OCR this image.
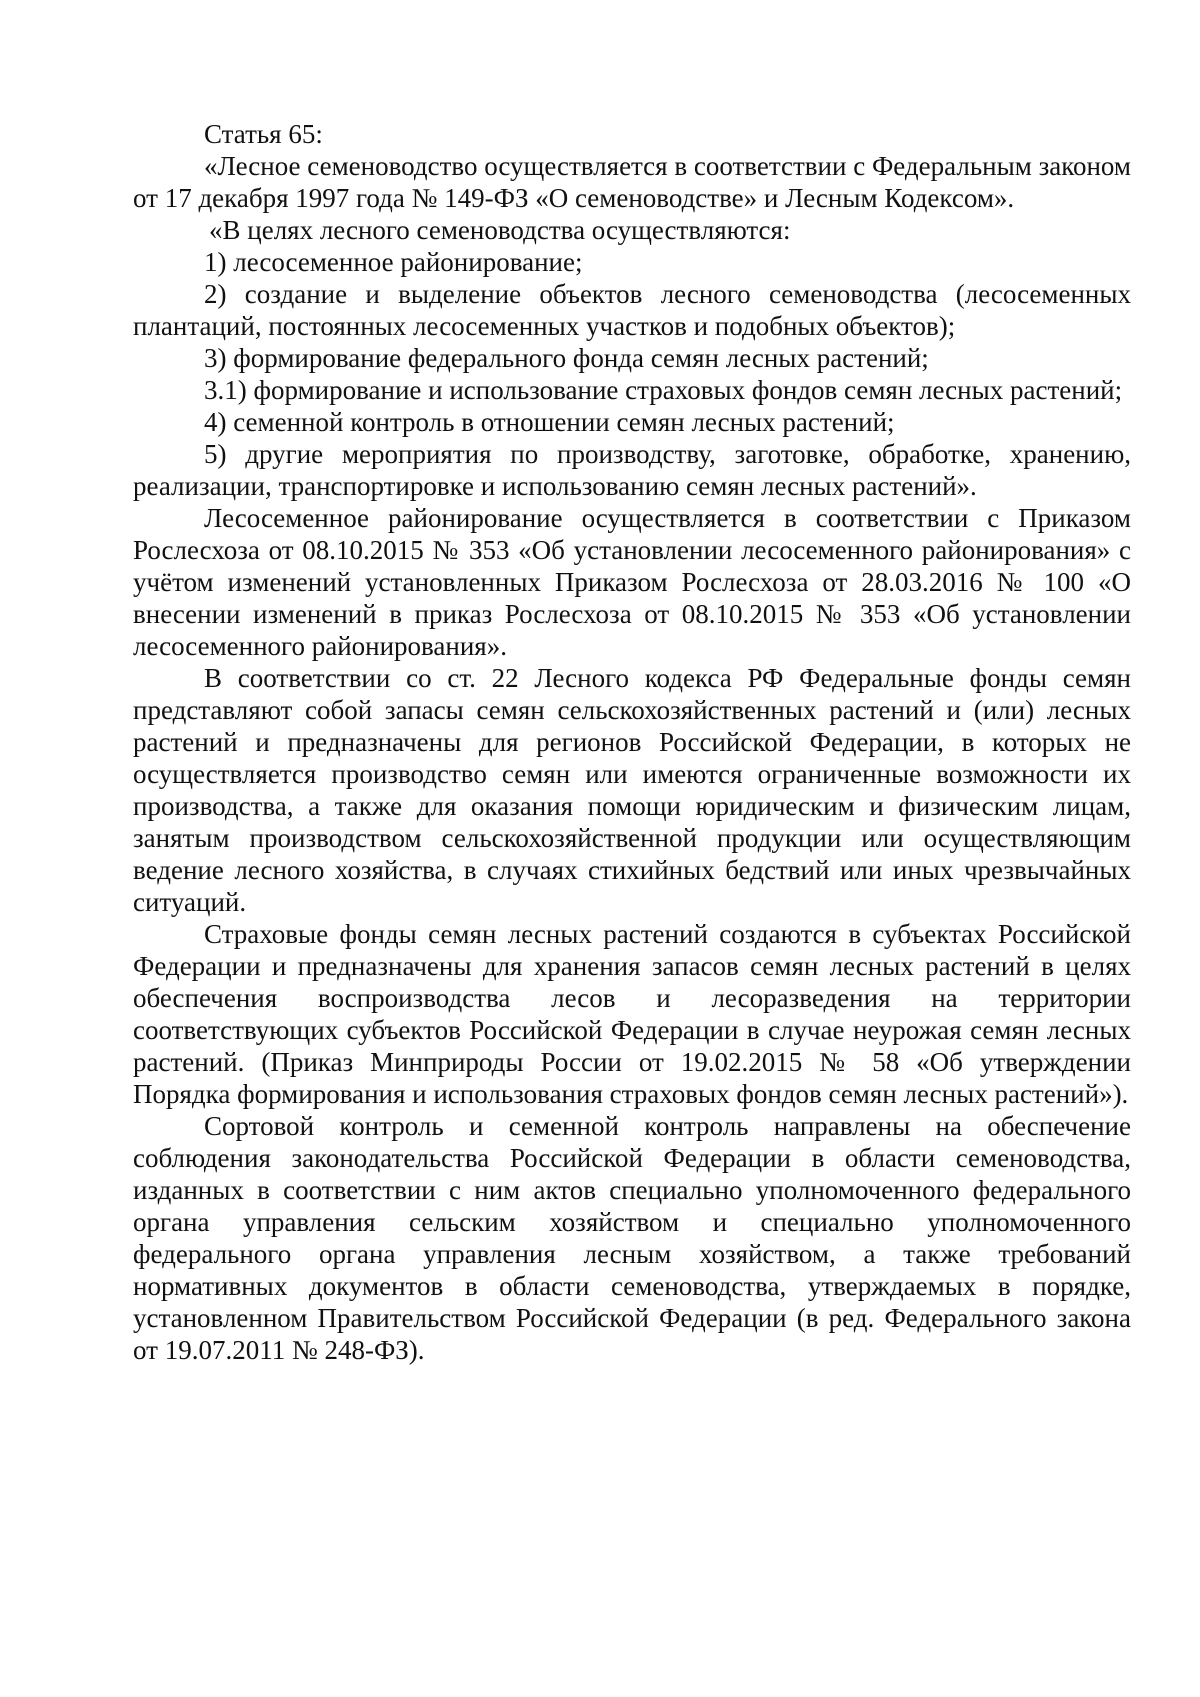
Статья 65:

«Лесное семеноводство осуществляется в соответствии с Федеральным законом от 17 декабря 1997 года № 149-ФЗ «О семеноводстве» и Лесным Кодексом».

«В целях лесного семеноводства осуществляются:

1) лесосеменное районирование;

2) создание и выделение объектов лесного семеноводства (лесосеменных плантаций, постоянных лесосеменных участков и подобных объектов);

3) формирование федерального фонда семян лесных растений;

3.1) формирование и использование страховых фондов семян лесных растений;

4) семенной контроль в отношении семян лесных растений;

5) другие мероприятия по производству, заготовке, обработке, хранению, реализации, транспортировке и использованию семян лесных растений».

Лесосеменное районирование осуществляется в соответствии с Приказом Рослесхоза от 08.10.2015 № 353 «Об установлении лесосеменного районирования» с учётом изменений установленных Приказом Рослесхоза от 28.03.2016 № 100 «О внесении изменений в приказ Рослесхоза от 08.10.2015 № 353 «Об установлении лесосеменного районирования».

В соответствии со ст. 22 Лесного кодекса РФ Федеральные фонды семян представляют собой запасы семян сельскохозяйственных растений и (или) лесных растений и предназначены для регионов Российской Федерации, в которых не осуществляется производство семян или имеются ограниченные возможности их производства, а также для оказания помощи юридическим и физическим лицам, занятым производством сельскохозяйственной продукции или осуществляющим ведение лесного хозяйства, в случаях стихийных бедствий или иных чрезвычайных ситуаций.

Страховые фонды семян лесных растений создаются в субъектах Российской Федерации и предназначены для хранения запасов семян лесных растений в целях обеспечения воспроизводства лесов и лесоразведения на территории соответствующих субъектов Российской Федерации в случае неурожая семян лесных растений. (Приказ Минприроды России от 19.02.2015 № 58 «Об утверждении Порядка формирования и использования страховых фондов семян лесных растений»).

Сортовой контроль и семенной контроль направлены на обеспечение соблюдения законодательства Российской Федерации в области семеноводства, изданных в соответствии с ним актов специально уполномоченного федерального органа управления сельским хозяйством и специально уполномоченного федерального органа управления лесным хозяйством, а также требований нормативных документов в области семеноводства, утверждаемых в порядке, установленном Правительством Российской Федерации (в ред. Федерального закона от 19.07.2011 № 248-ФЗ).
